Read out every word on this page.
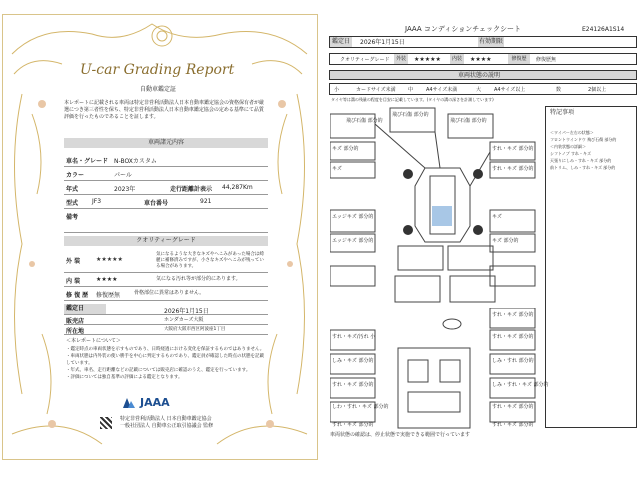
U-car Grading Report
自動車鑑定証
本レポートに記載される車両は特定非営利活動法人日本自動車鑑定協会の資格保有者が厳選につき第三者性を保ち、特定非営利活動法人日本自動車鑑定協会の定める基準にて品質評価を行ったものであることを証します。
車両諸元内容
車名・グレード N-BOXカスタム
カラー	パール
年式	2023年	走行距離計表示 44,287Km
型式 JF3	車台番号	921
備考
クオリティーグレード
外 装	★★★★★
気になるような大きなキズやへこみがあった場合は綺麗に補修済みですが、小さなキズやへこみが残っている場合があります。
内 装	★★★★	気になる汚れ等が部分的にあります。
修 復 歴 修復歴無	骨格部位に異常はありません。
鑑定日	2026年1月15日
販売店	ホンダカーズ大阪
所在地	大阪府大阪市西区阿波座1丁目
＜本レポートについて＞
・鑑定時点の車両状態を示すものであり、日時経過における変化を保証するものではありません。
・車両状態は内外装の使い勝手を中心に判定するものであり、鑑定員が確認した時点の状態を記載しています。
・年式、車名、走行距離などの記載については販売店に確認のうえ、鑑定を行っています。
・評価については独自基準の評価による鑑定となります。
JAAA
特定非営利活動法人 日本自動車鑑定協会
一般社団法人 自動車公正取引協議会 監修
JAAA コンディションチェックシート	E24126A1S14
鑑定日	2026年1月15日	有効期限
クオリティーグレード	外装	★★★★★	内装	★★★★	修復歴	修復歴無
車両状態の説明
小	カードサイズ未満 中	A4サイズ未満	大	A4サイズ以上	数	2個以上
タイヤ等は溝の残量の程度を目安に記載しています。(タイヤの溝の深さを計測しています)
飛び石傷 部分的
飛び石傷 部分的
飛び石傷 部分的
キズ 部分的	すれ・キズ 部分的
キズ	すれ・キズ 部分的
エッジキズ 部分的	キズ
エッジキズ 部分的	キズ 部分的
すれ・キズ 部分的
すれ・キズ/汚れ 小	すれ・キズ 部分的
しみ・キズ 部分的	しみ・すれ 部分的
すれ・キズ 部分的	しみ・すれ・キズ 部分的
しわ・すれ・キズ 部分的	すれ・キズ 部分的
すれ・キズ 部分的	すれ・キズ 部分的
特記事項
＜ワイパー左右の状態＞
フロントウインドウ 飛び石傷 部分的
＜内装状態の詳細＞
シフトノブ すれ・キズ
天張りにしみ・すれ・キズ 部分的
前トリム、しみ・すれ・キズ 部分的
車両状態の確認は、停止状態で実施できる範囲で行っています
